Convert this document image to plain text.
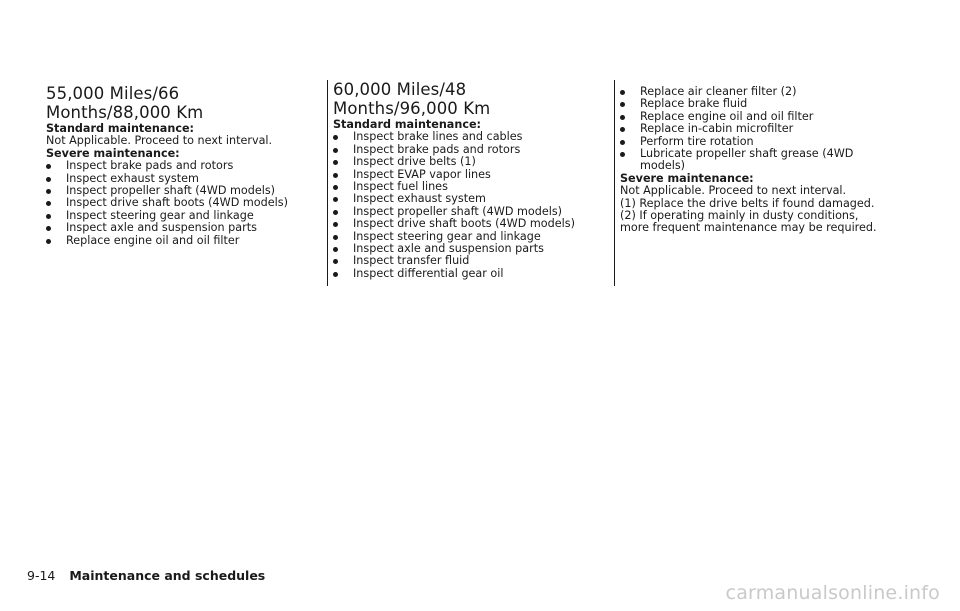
55,000 Miles/66 Months/88,000 Km
Standard maintenance:
Not Applicable. Proceed to next interval.
Severe maintenance:
Inspect brake pads and rotors
Inspect exhaust system
Inspect propeller shaft (4WD models)
Inspect drive shaft boots (4WD models)
Inspect steering gear and linkage
Inspect axle and suspension parts
Replace engine oil and oil filter
60,000 Miles/48 Months/96,000 Km
Standard maintenance:
Inspect brake lines and cables
Inspect brake pads and rotors
Inspect drive belts (1)
Inspect EVAP vapor lines
Inspect fuel lines
Inspect exhaust system
Inspect propeller shaft (4WD models)
Inspect drive shaft boots (4WD models)
Inspect steering gear and linkage
Inspect axle and suspension parts
Inspect transfer fluid
Inspect differential gear oil
Replace air cleaner filter (2)
Replace brake fluid
Replace engine oil and oil filter
Replace in-cabin microfilter
Perform tire rotation
Lubricate propeller shaft grease (4WD models)
Severe maintenance:
Not Applicable. Proceed to next interval.
(1) Replace the drive belts if found damaged.
(2) If operating mainly in dusty conditions,
more frequent maintenance may be required.
9-14 Maintenance and schedules
carmanualsonline.info
